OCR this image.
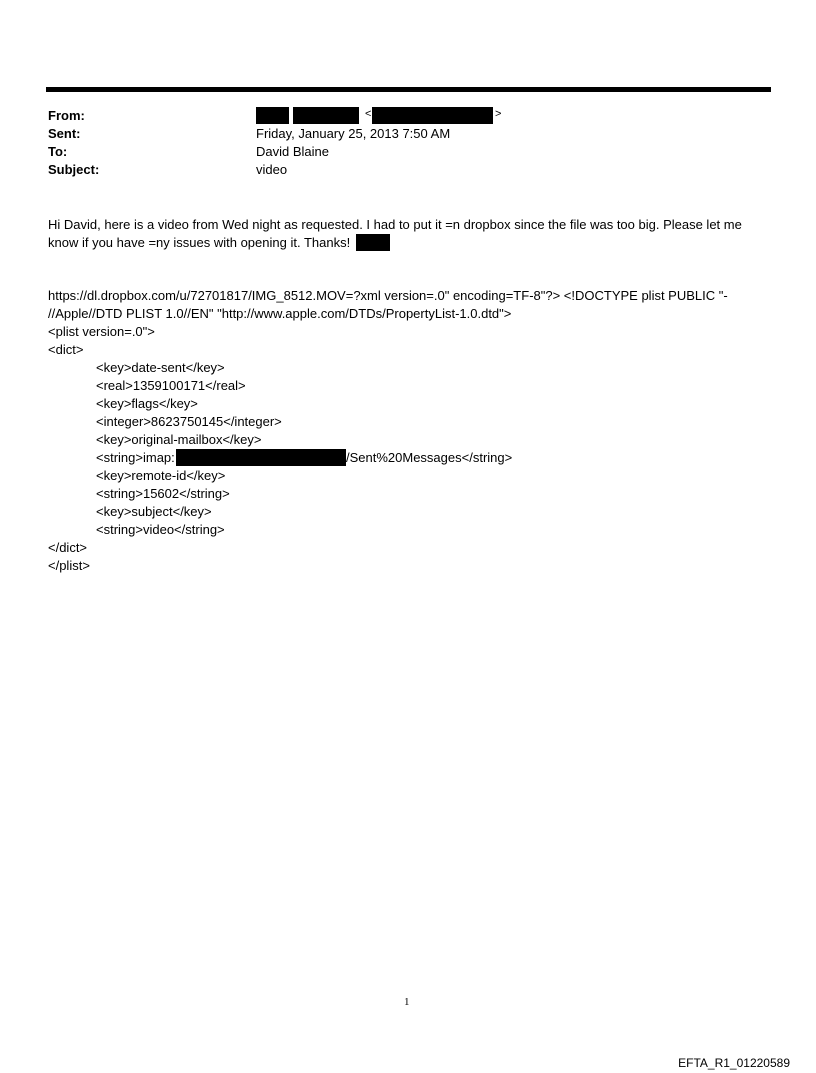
From:	<	>
Sent:	Friday, January 25, 2013 7:50 AM
To:	David Blaine
Subject:	video
Hi David, here is a video from Wed night as requested. I had to put it =n dropbox since the file was too big. Please let me know if you have =ny issues with opening it. Thanks!
https://dl.dropbox.com/u/72701817/IMG_8512.MOV=?xml version=.0" encoding=TF-8"?> <!DOCTYPE plist PUBLIC "-
//Apple//DTD PLIST 1.0//EN" "http://www.apple.com/DTDs/PropertyList-1.0.dtd">
<plist version=.0">
<dict>
<key>date-sent</key>
<real>1359100171</real>
<key>flags</key>
<integer>8623750145</integer>
<key>original-mailbox</key>
<string>imap:	/Sent%20Messages</string>
<key>remote-id</key>
<string>15602</string>
<key>subject</key>
<string>video</string>
</dict>
</plist>
1
EFTA_R1_01220589
